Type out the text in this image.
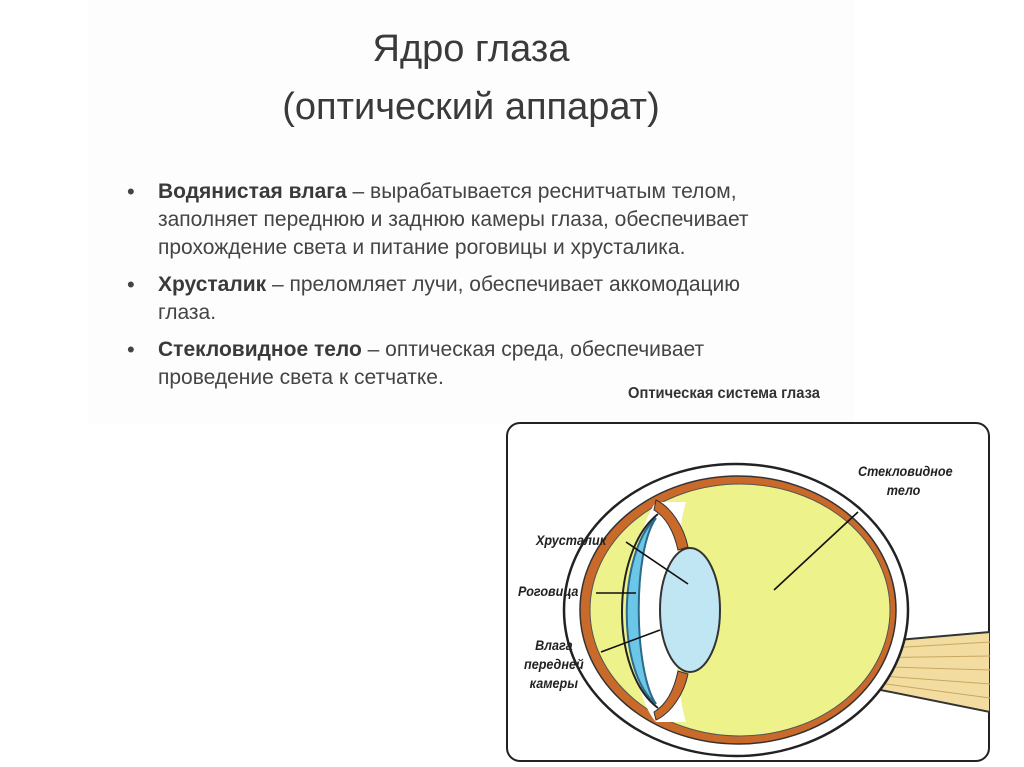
Ядро глаза
(оптический аппарат)
• Водянистая влага – вырабатывается реснитчатым телом, заполняет переднюю и заднюю камеры глаза, обеспечивает прохождение света и питание роговицы и хрусталика.
• Хрусталик – преломляет лучи, обеспечивает аккомодацию глаза.
• Стекловидное тело – оптическая среда, обеспечивает проведение света к сетчатке.
Оптическая система глаза
Стекловидное
тело
Хрусталик
Роговица
Влага
передней
камеры
